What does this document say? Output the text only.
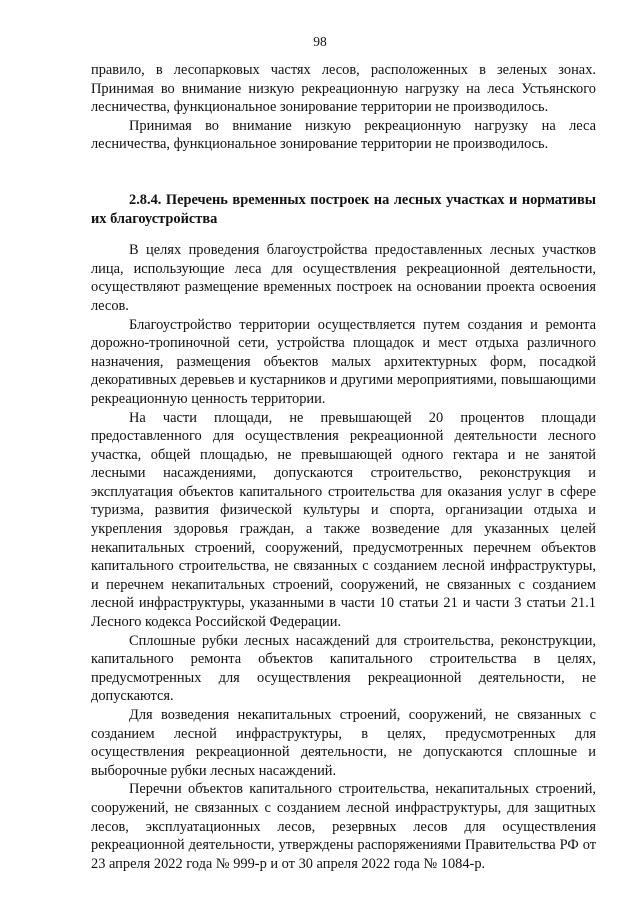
98

правило, в лесопарковых частях лесов, расположенных в зеленых зонах. Принимая во внимание низкую рекреационную нагрузку на леса Устьянского лесничества, функциональное зонирование территории не производилось.

Принимая во внимание низкую рекреационную нагрузку на леса лесничества, функциональное зонирование территории не производилось.

2.8.4. Перечень временных построек на лесных участках и нормативы их благоустройства

В целях проведения благоустройства предоставленных лесных участков лица, использующие леса для осуществления рекреационной деятельности, осуществляют размещение временных построек на основании проекта освоения лесов.

Благоустройство территории осуществляется путем создания и ремонта дорожно-тропиночной сети, устройства площадок и мест отдыха различного назначения, размещения объектов малых архитектурных форм, посадкой декоративных деревьев и кустарников и другими мероприятиями, повышающими рекреационную ценность территории.

На части площади, не превышающей 20 процентов площади предоставленного для осуществления рекреационной деятельности лесного участка, общей площадью, не превышающей одного гектара и не занятой лесными насаждениями, допускаются строительство, реконструкция и эксплуатация объектов капитального строительства для оказания услуг в сфере туризма, развития физической культуры и спорта, организации отдыха и укрепления здоровья граждан, а также возведение для указанных целей некапитальных строений, сооружений, предусмотренных перечнем объектов капитального строительства, не связанных с созданием лесной инфраструктуры, и перечнем некапитальных строений, сооружений, не связанных с созданием лесной инфраструктуры, указанными в части 10 статьи 21 и части 3 статьи 21.1 Лесного кодекса Российской Федерации.

Сплошные рубки лесных насаждений для строительства, реконструкции, капитального ремонта объектов капитального строительства в целях, предусмотренных для осуществления рекреационной деятельности, не допускаются.

Для возведения некапитальных строений, сооружений, не связанных с созданием лесной инфраструктуры, в целях, предусмотренных для осуществления рекреационной деятельности, не допускаются сплошные и выборочные рубки лесных насаждений.

Перечни объектов капитального строительства, некапитальных строений, сооружений, не связанных с созданием лесной инфраструктуры, для защитных лесов, эксплуатационных лесов, резервных лесов для осуществления рекреационной деятельности, утверждены распоряжениями Правительства РФ от 23 апреля 2022 года № 999-р и от 30 апреля 2022 года № 1084-р.
